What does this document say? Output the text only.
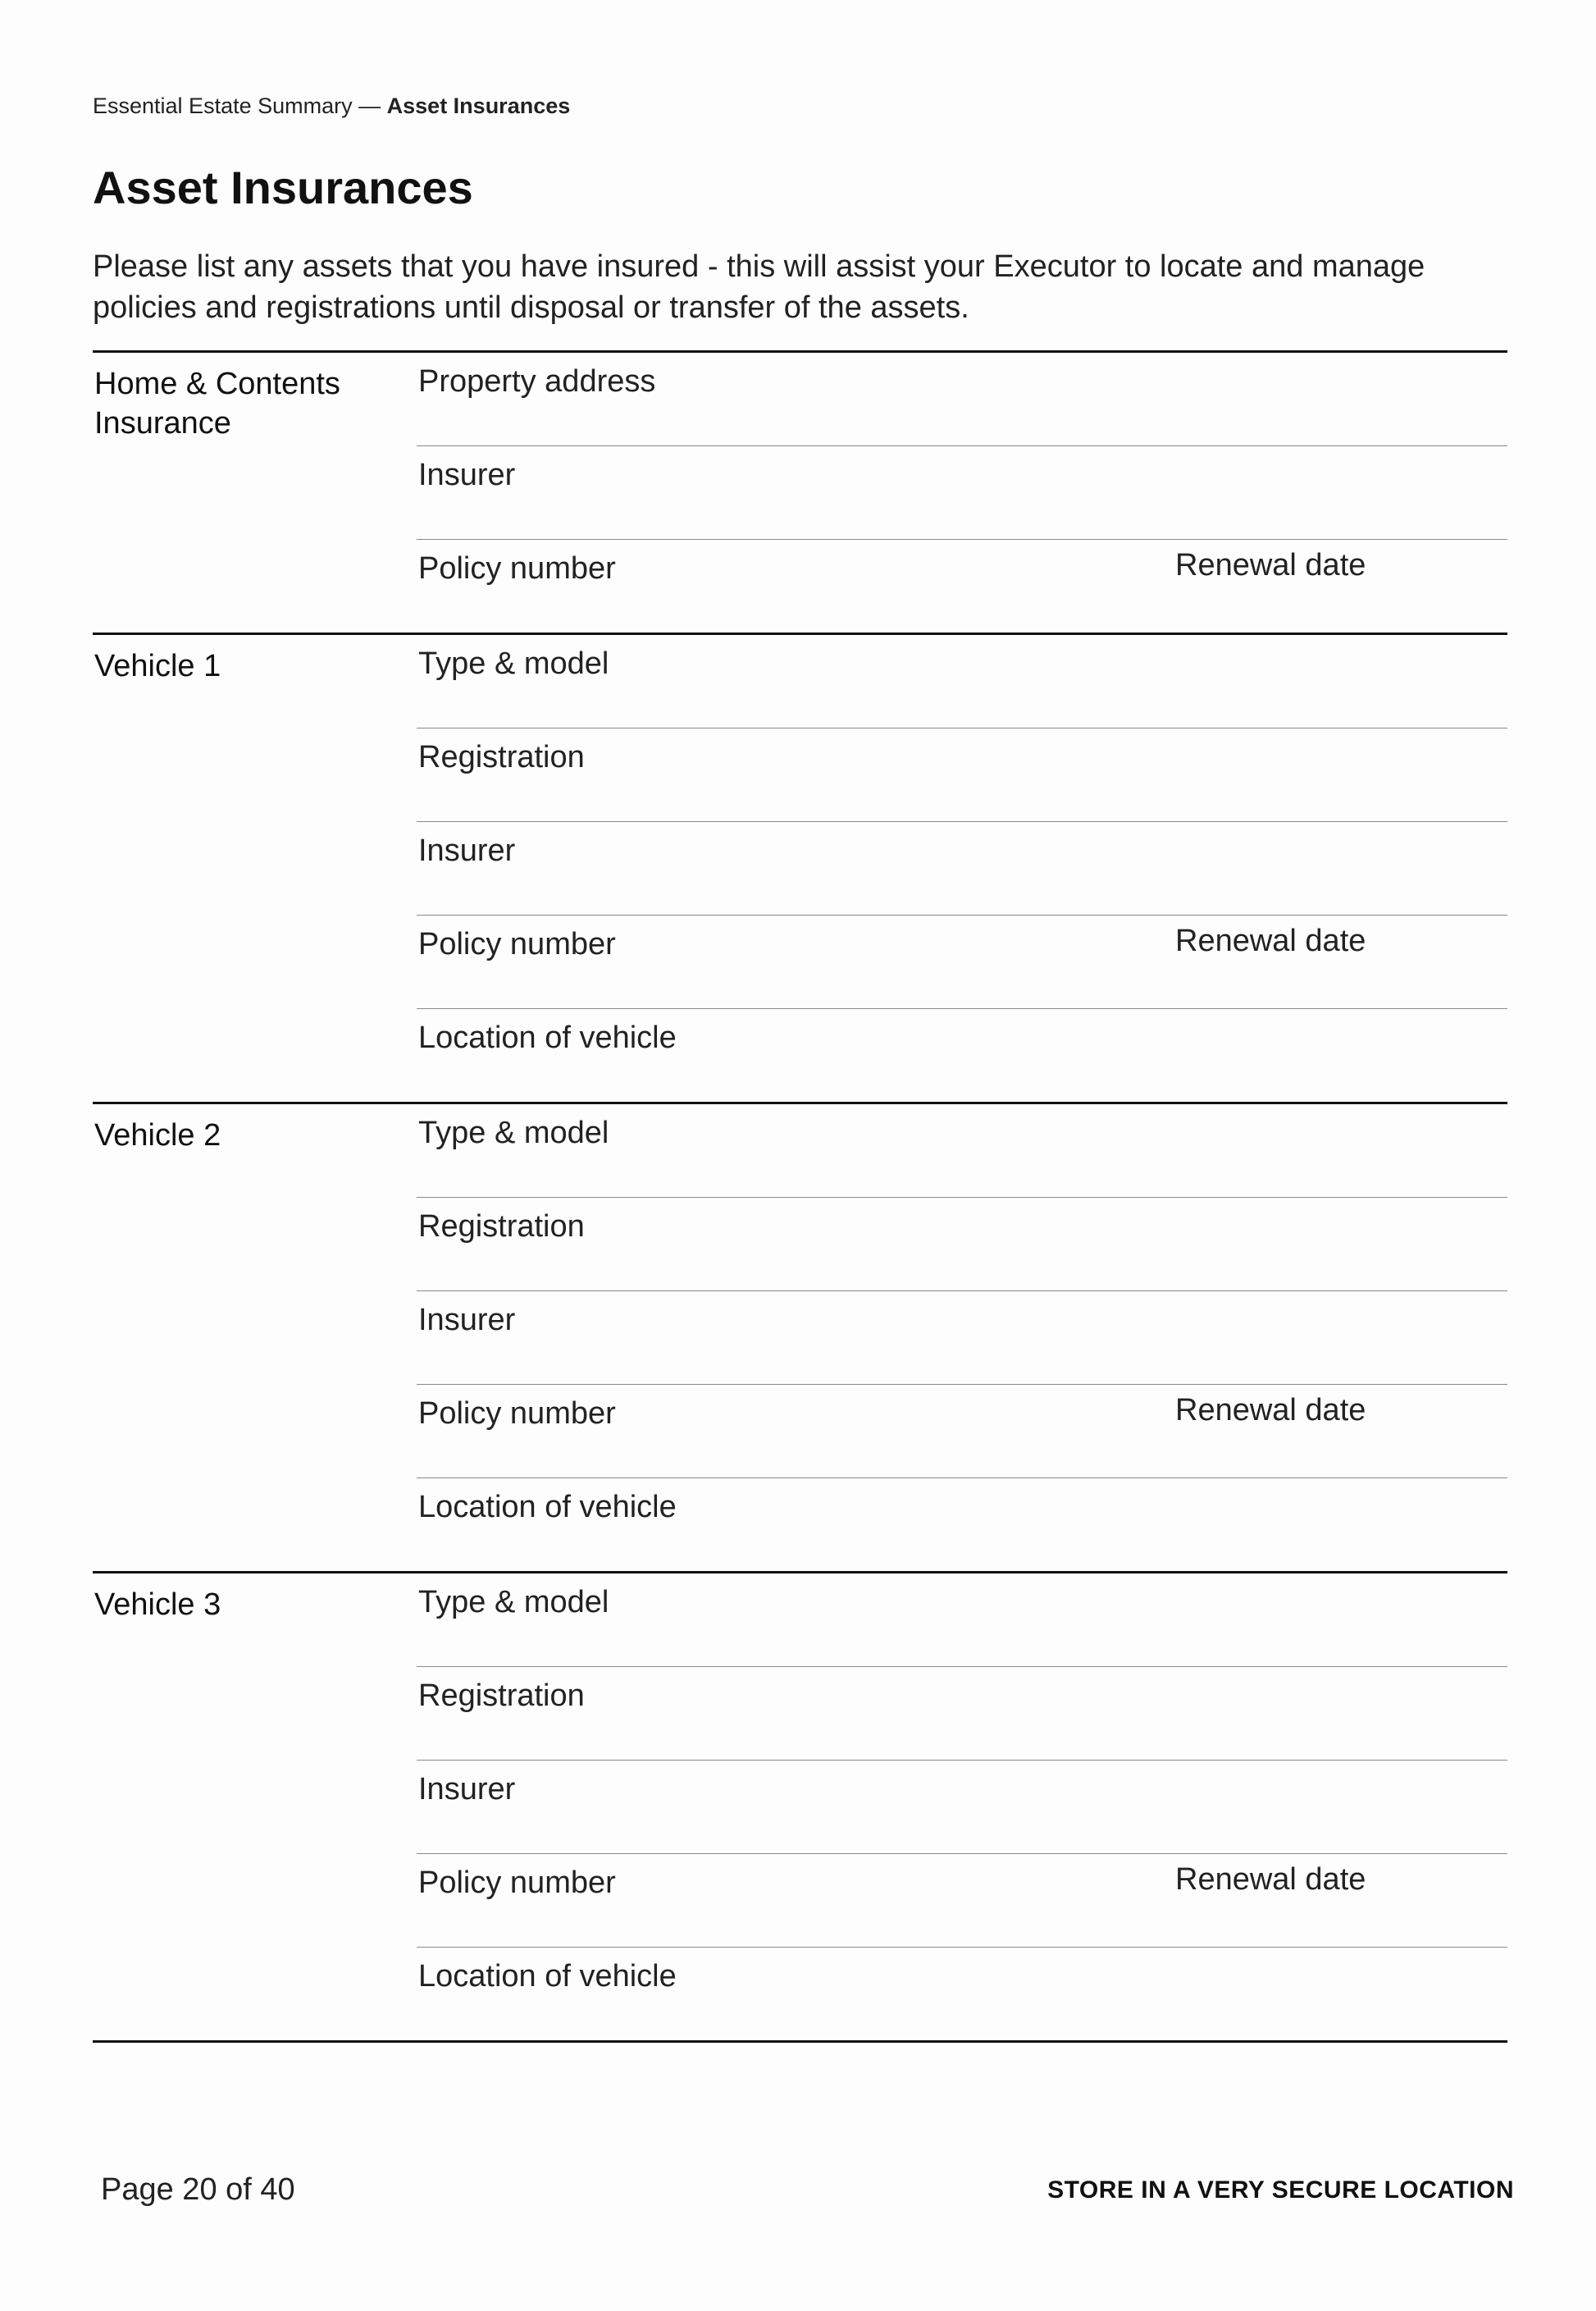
Essential Estate Summary — Asset Insurances
Asset Insurances
Please list any assets that you have insured - this will assist your Executor to locate and manage policies and registrations until disposal or transfer of the assets.
Home & Contents Insurance
Property address
Insurer
Policy number	Renewal date
Vehicle 1	Type & model
Registration
Insurer
Policy number	Renewal date
Location of vehicle
Vehicle 2	Type & model
Registration
Insurer
Policy number	Renewal date
Location of vehicle
Vehicle 3	Type & model
Registration
Insurer
Policy number	Renewal date
Location of vehicle
Page 20 of 40	STORE IN A VERY SECURE LOCATION
